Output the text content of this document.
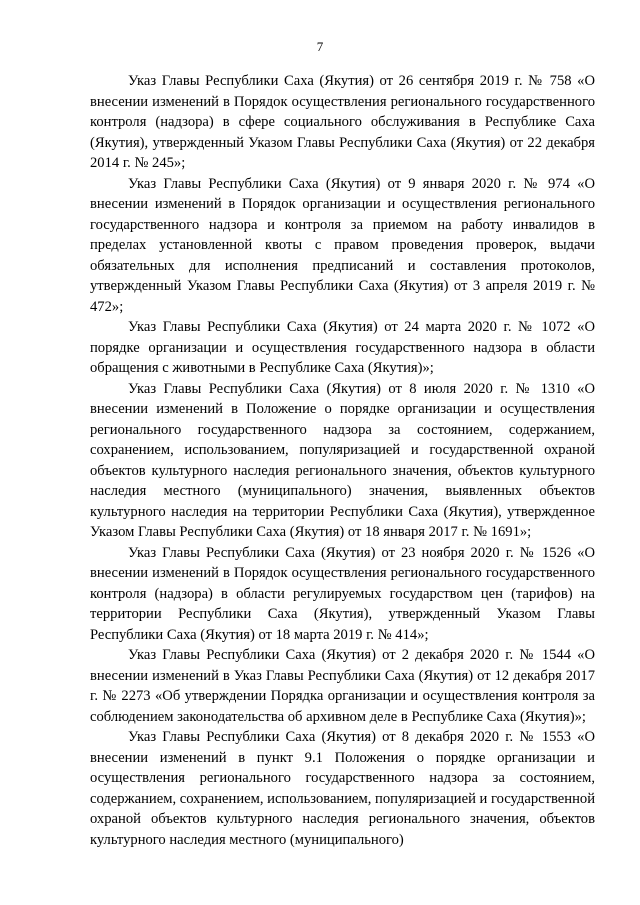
7

Указ Главы Республики Саха (Якутия) от 26 сентября 2019 г. № 758 «О внесении изменений в Порядок осуществления регионального государственного контроля (надзора) в сфере социального обслуживания в Республике Саха (Якутия), утвержденный Указом Главы Республики Саха (Якутия) от 22 декабря 2014 г. № 245»;

Указ Главы Республики Саха (Якутия) от 9 января 2020 г. № 974 «О внесении изменений в Порядок организации и осуществления регионального государственного надзора и контроля за приемом на работу инвалидов в пределах установленной квоты с правом проведения проверок, выдачи обязательных для исполнения предписаний и составления протоколов, утвержденный Указом Главы Республики Саха (Якутия) от 3 апреля 2019 г. № 472»;

Указ Главы Республики Саха (Якутия) от 24 марта 2020 г. № 1072 «О порядке организации и осуществления государственного надзора в области обращения с животными в Республике Саха (Якутия)»;

Указ Главы Республики Саха (Якутия) от 8 июля 2020 г. № 1310 «О внесении изменений в Положение о порядке организации и осуществления регионального государственного надзора за состоянием, содержанием, сохранением, использованием, популяризацией и государственной охраной объектов культурного наследия регионального значения, объектов культурного наследия местного (муниципального) значения, выявленных объектов культурного наследия на территории Республики Саха (Якутия), утвержденное Указом Главы Республики Саха (Якутия) от 18 января 2017 г. № 1691»;

Указ Главы Республики Саха (Якутия) от 23 ноября 2020 г. № 1526 «О внесении изменений в Порядок осуществления регионального государственного контроля (надзора) в области регулируемых государством цен (тарифов) на территории Республики Саха (Якутия), утвержденный Указом Главы Республики Саха (Якутия) от 18 марта 2019 г. № 414»;

Указ Главы Республики Саха (Якутия) от 2 декабря 2020 г. № 1544 «О внесении изменений в Указ Главы Республики Саха (Якутия) от 12 декабря 2017 г. № 2273 «Об утверждении Порядка организации и осуществления контроля за соблюдением законодательства об архивном деле в Республике Саха (Якутия)»;

Указ Главы Республики Саха (Якутия) от 8 декабря 2020 г. № 1553 «О внесении изменений в пункт 9.1 Положения о порядке организации и осуществления регионального государственного надзора за состоянием, содержанием, сохранением, использованием, популяризацией и государственной охраной объектов культурного наследия регионального значения, объектов культурного наследия местного (муниципального)
